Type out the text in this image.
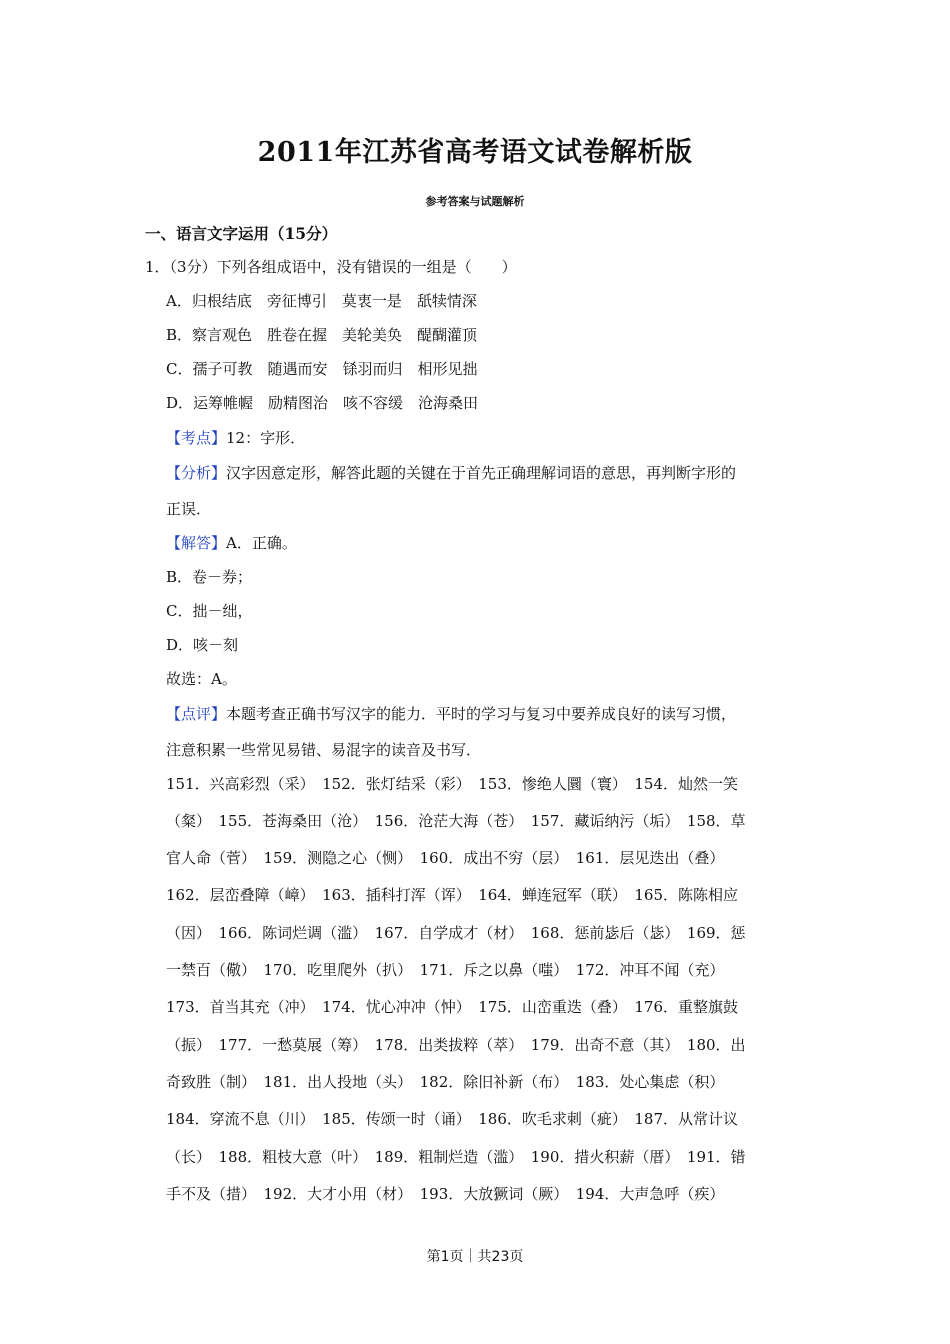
2011年江苏省高考语文试卷解析版
参考答案与试题解析
一、语言文字运用（15分）
1．（3分）下列各组成语中，没有错误的一组是（　　）
A．归根结底　旁征博引　莫衷一是　舐犊情深
B．察言观色　胜卷在握　美轮美奂　醍醐灌顶
C．孺子可教　随遇而安　铩羽而归　相形见拙
D．运筹帷幄　励精图治　咳不容缓　沧海桑田
【考点】12：字形．
【分析】汉字因意定形，解答此题的关键在于首先正确理解词语的意思，再判断字形的
正误．
【解答】A．正确。
B．卷－券；
C．拙－绌，
D．咳－刻
故选：A。
【点评】本题考查正确书写汉字的能力．平时的学习与复习中要养成良好的读写习惯，
注意积累一些常见易错、易混字的读音及书写．
151．兴高彩烈（采）　152．张灯结采（彩）　153．惨绝人圜（寰）　154．灿然一笑
（粲）　155．苍海桑田（沧）　156．沧茫大海（苍）　157．藏诟纳污（垢）　158．草
官人命（菅）　159．测隐之心（恻）　160．成出不穷（层）　161．层见迭出（叠）
162．层峦叠障（嶂）　163．插科打浑（诨）　164．蝉连冠军（联）　165．陈陈相应
（因）　166．陈词烂调（滥）　167．自学成才（材）　168．惩前毖后（毖）　169．惩
一禁百（儆）　170．吃里爬外（扒）　171．斥之以鼻（嗤）　172．冲耳不闻（充）
173．首当其充（冲）　174．忧心冲冲（忡）　175．山峦重迭（叠）　176．重整旗鼓
（振）　177．一愁莫展（筹）　178．出类拔粹（萃）　179．出奇不意（其）　180．出
奇致胜（制）　181．出人投地（头）　182．除旧补新（布）　183．处心集虑（积）
184．穿流不息（川）　185．传颂一时（诵）　186．吹毛求刺（疵）　187．从常计议
（长）　188．粗枝大意（叶）　189．粗制烂造（滥）　190．措火积薪（厝）　191．错
手不及（措）　192．大才小用（材）　193．大放獗词（厥）　194．大声急呼（疾）
第1页｜共23页
